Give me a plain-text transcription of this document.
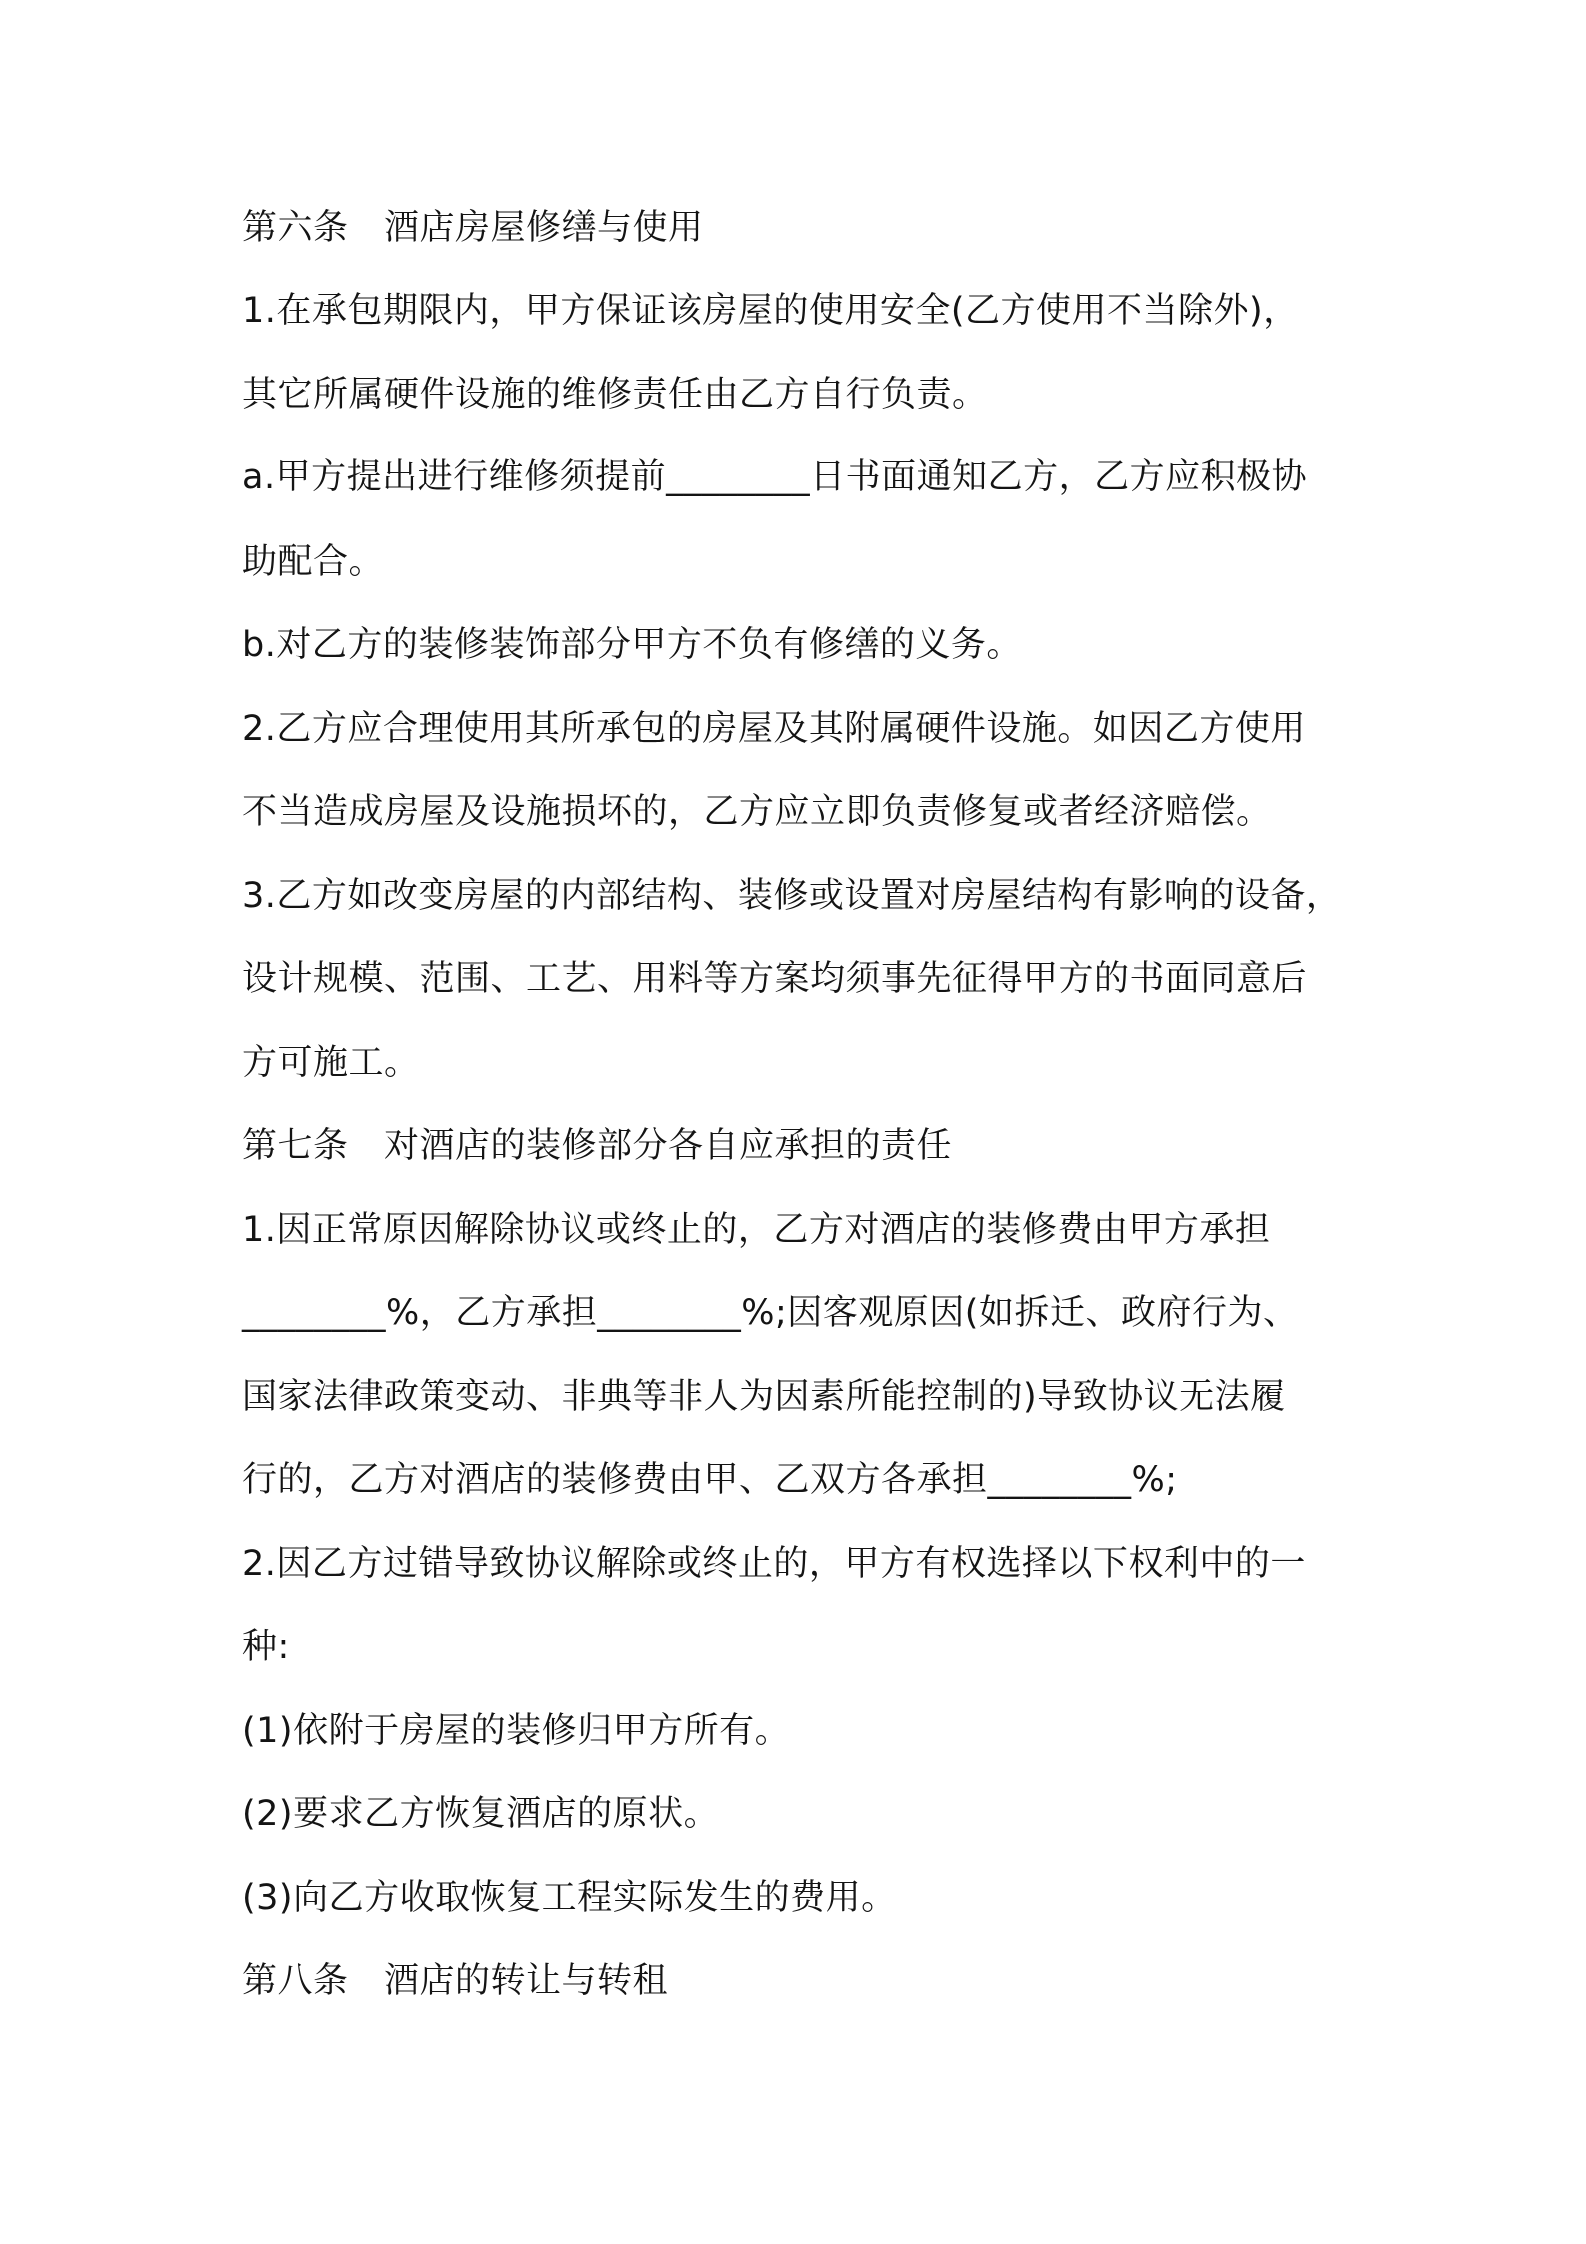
第六条　酒店房屋修缮与使用
1.在承包期限内，甲方保证该房屋的使用安全(乙方使用不当除外)，
其它所属硬件设施的维修责任由乙方自行负责。
a.甲方提出进行维修须提前________日书面通知乙方，乙方应积极协
助配合。
b.对乙方的装修装饰部分甲方不负有修缮的义务。
2.乙方应合理使用其所承包的房屋及其附属硬件设施。如因乙方使用
不当造成房屋及设施损坏的，乙方应立即负责修复或者经济赔偿。
3.乙方如改变房屋的内部结构、装修或设置对房屋结构有影响的设备，
设计规模、范围、工艺、用料等方案均须事先征得甲方的书面同意后
方可施工。
第七条　对酒店的装修部分各自应承担的责任
1.因正常原因解除协议或终止的，乙方对酒店的装修费由甲方承担
________%，乙方承担________%;因客观原因(如拆迁、政府行为、
国家法律政策变动、非典等非人为因素所能控制的)导致协议无法履
行的，乙方对酒店的装修费由甲、乙双方各承担________%;
2.因乙方过错导致协议解除或终止的，甲方有权选择以下权利中的一
种:
(1)依附于房屋的装修归甲方所有。
(2)要求乙方恢复酒店的原状。
(3)向乙方收取恢复工程实际发生的费用。
第八条　酒店的转让与转租
